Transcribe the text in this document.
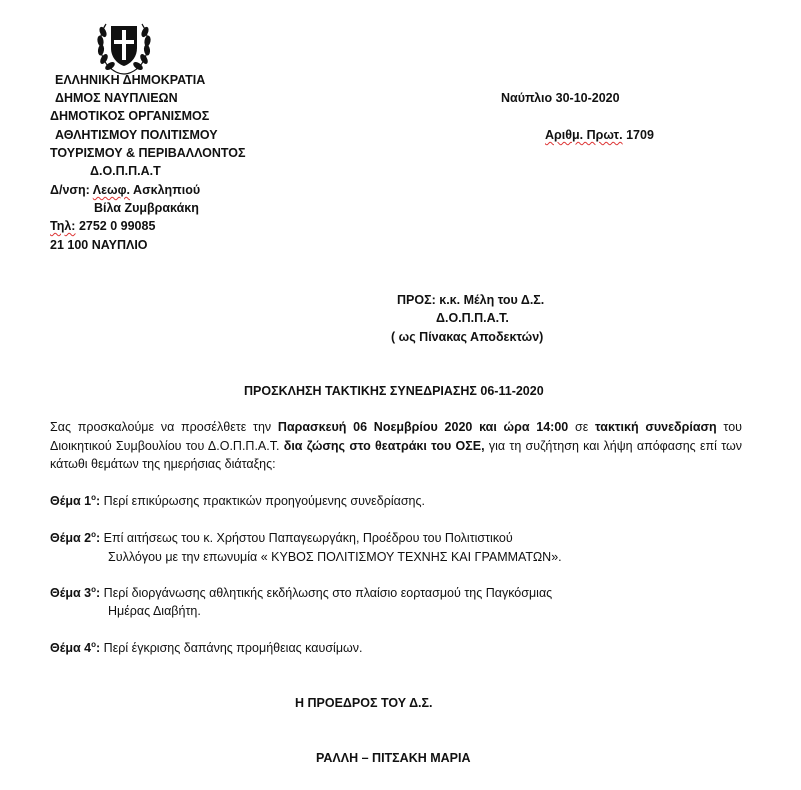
ΕΛΛΗΝΙΚΗ ΔΗΜΟΚΡΑΤΙΑ
ΔΗΜΟΣ ΝΑΥΠΛΙΕΩΝ
ΔΗΜΟΤΙΚΟΣ ΟΡΓΑΝΙΣΜΟΣ
ΑΘΛΗΤΙΣΜΟΥ ΠΟΛΙΤΙΣΜΟΥ
ΤΟΥΡΙΣΜΟΥ & ΠΕΡΙΒΑΛΛΟΝΤΟΣ
Δ.Ο.Π.Π.Α.Τ
Δ/νση: Λεωφ. Ασκληπιού
Βίλα Ζυμβρακάκη
Τηλ: 2752 0 99085
21 100 ΝΑΥΠΛΙΟ
Ναύπλιο 30-10-2020
Αριθμ. Πρωτ. 1709
ΠΡΟΣ: κ.κ. Μέλη του Δ.Σ.
Δ.Ο.Π.Π.Α.Τ.
( ως Πίνακας Αποδεκτών)
ΠΡΟΣΚΛΗΣΗ ΤΑΚΤΙΚΗΣ ΣΥΝΕΔΡΙΑΣΗΣ 06-11-2020
Σας προσκαλούμε να προσέλθετε την Παρασκευή 06 Νοεμβρίου 2020 και ώρα 14:00 σε τακτική συνεδρίαση του Διοικητικού Συμβουλίου του Δ.Ο.Π.Π.Α.Τ. δια ζώσης στο θεατράκι του ΟΣΕ, για τη συζήτηση και λήψη απόφασης επί των κάτωθι θεμάτων της ημερήσιας διάταξης:
Θέμα $1^o$: Περί επικύρωσης πρακτικών προηγούμενης συνεδρίασης.
Θέμα $2^o$: Επί αιτήσεως του κ. Χρήστου Παπαγεωργάκη, Προέδρου του Πολιτιστικού
Συλλόγου με την επωνυμία « ΚΥΒΟΣ ΠΟΛΙΤΙΣΜΟΥ ΤΕΧΝΗΣ ΚΑΙ ΓΡΑΜΜΑΤΩΝ».
Θέμα $3^o$: Περί διοργάνωσης αθλητικής εκδήλωσης στο πλαίσιο εορτασμού της Παγκόσμιας
Ημέρας Διαβήτη.
Θέμα $4^o$: Περί έγκρισης δαπάνης προμήθειας καυσίμων.
Η ΠΡΟΕΔΡΟΣ ΤΟΥ Δ.Σ.
ΡΑΛΛΗ – ΠΙΤΣΑΚΗ ΜΑΡΙΑ
